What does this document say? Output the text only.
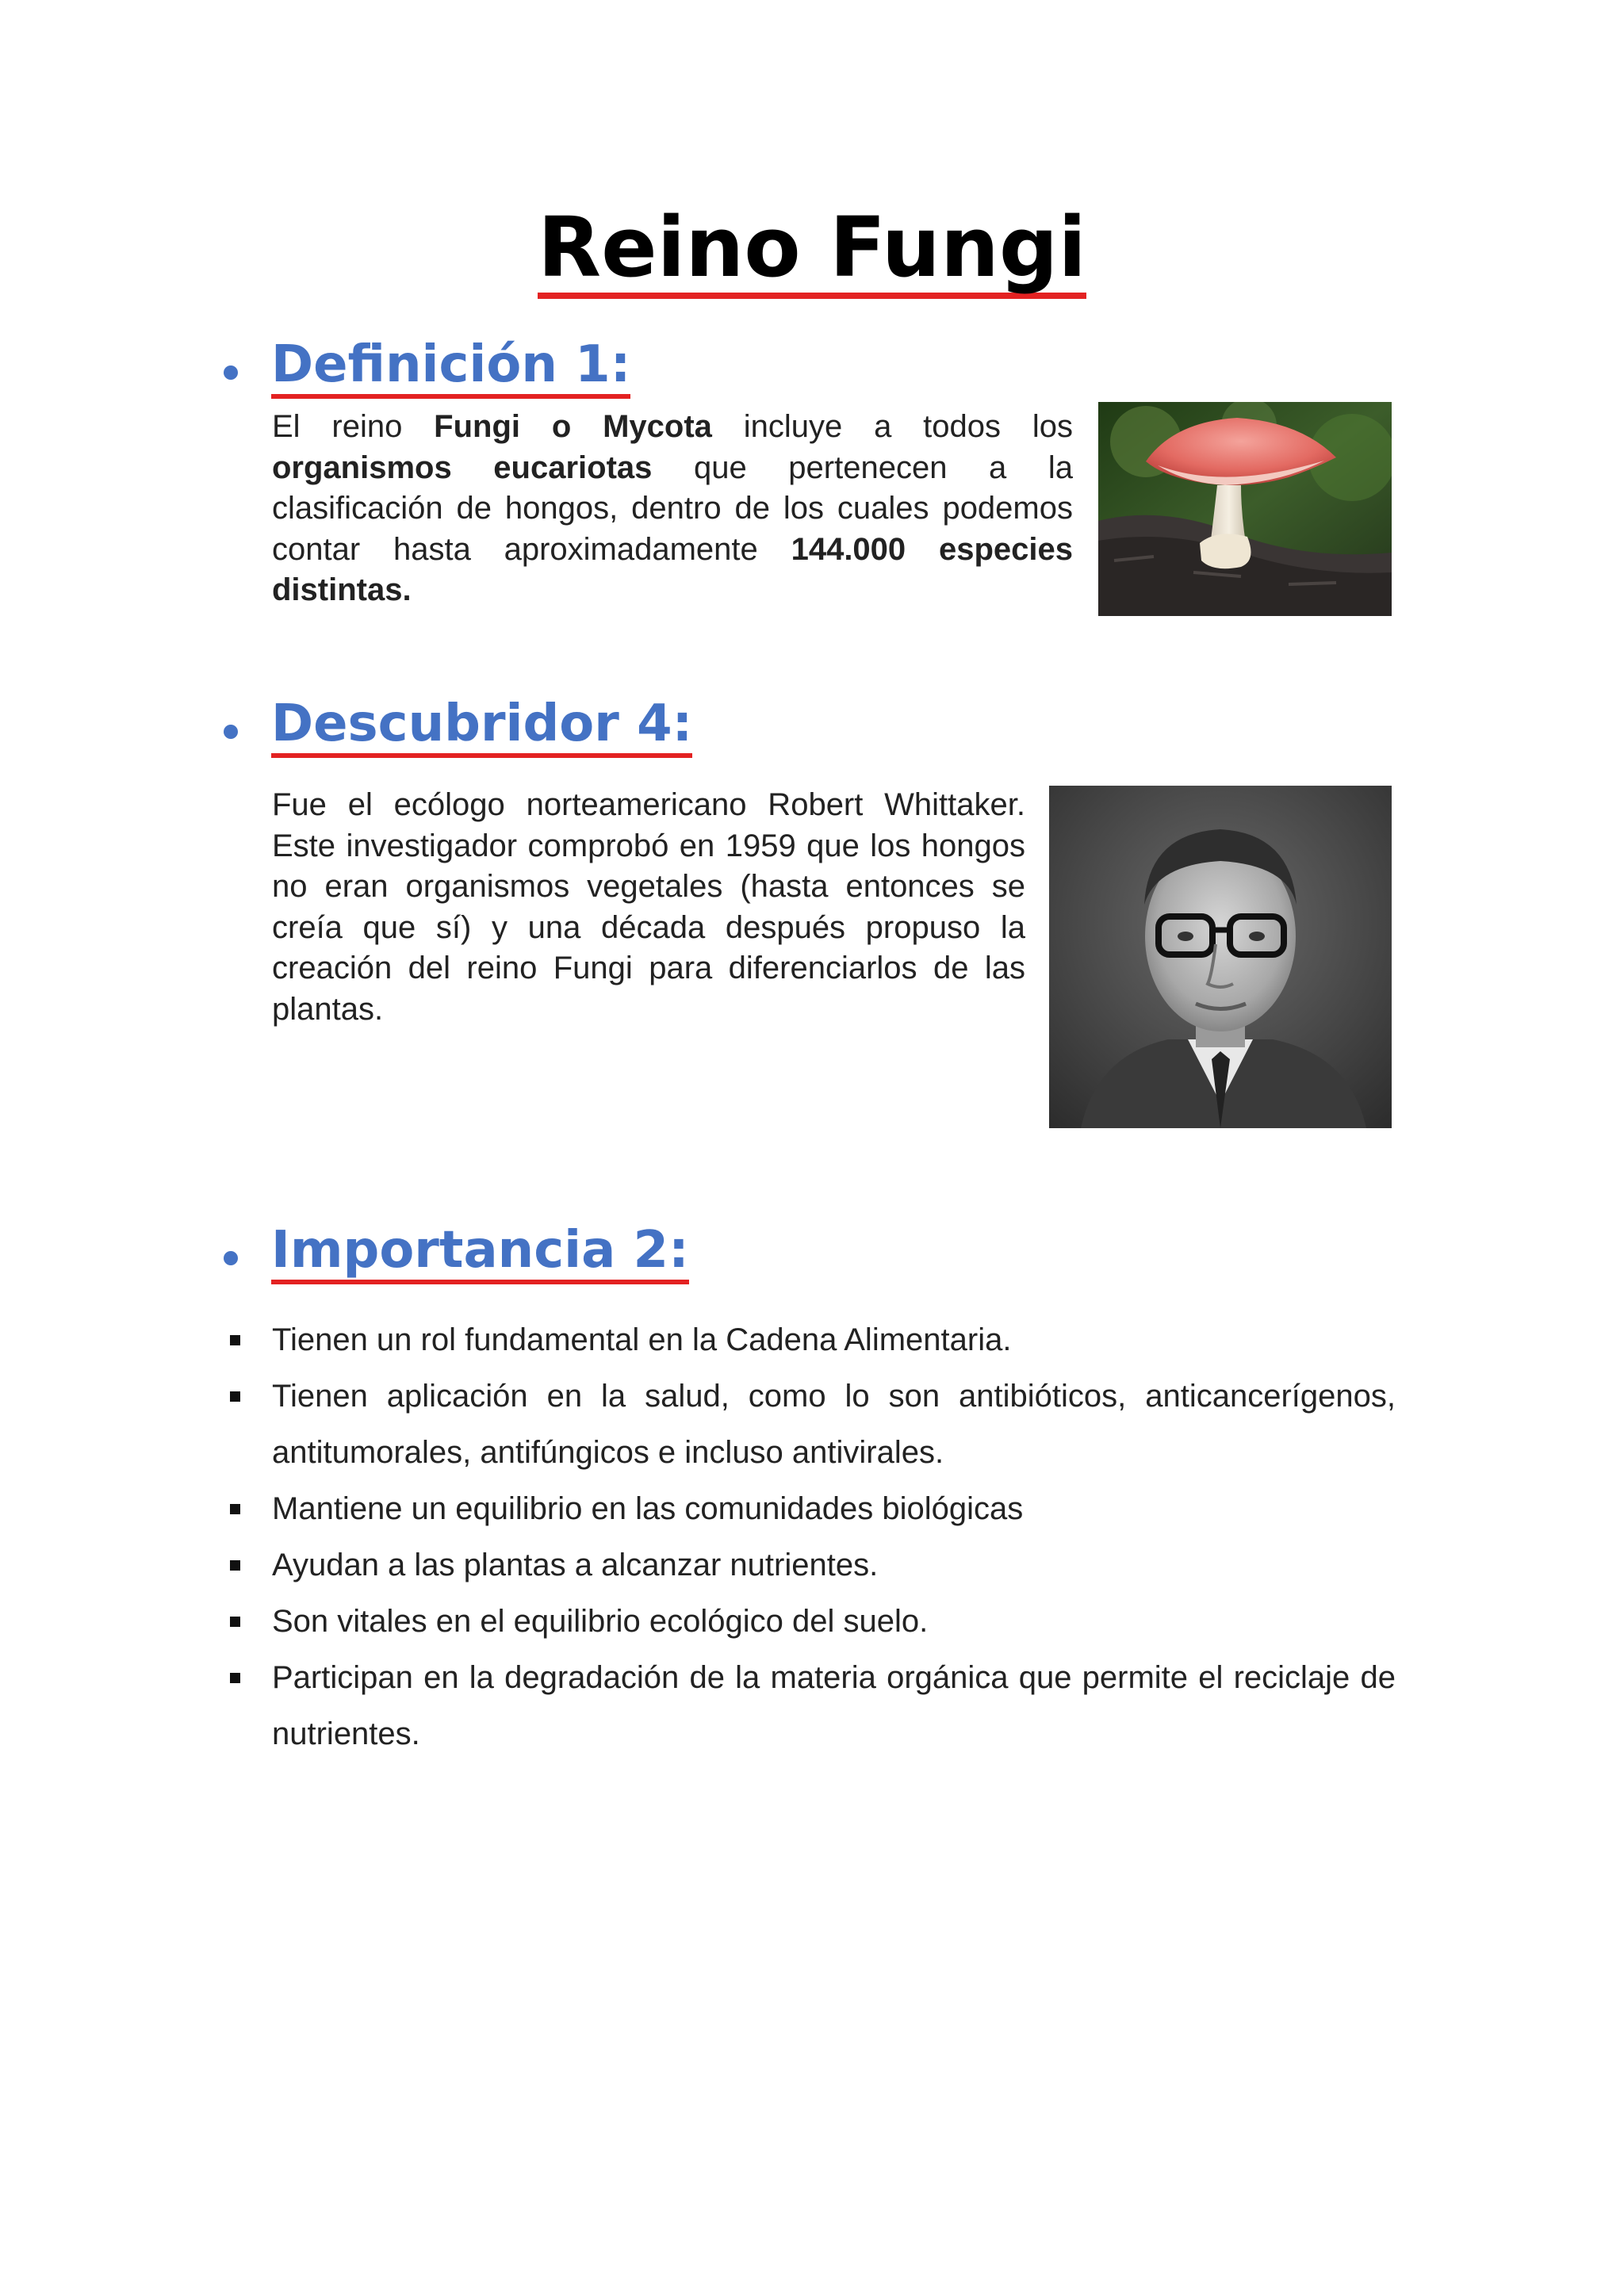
Reino Fungi
Definición 1:

El reino Fungi o Mycota incluye a todos los organismos eucariotas que pertenecen a la clasificación de hongos, dentro de los cuales podemos contar hasta aproximadamente 144.000 especies distintas.

Descubridor 4:

Fue el ecólogo norteamericano Robert Whittaker. Este investigador comprobó en 1959 que los hongos no eran organismos vegetales (hasta entonces se creía que sí) y una década después propuso la creación del reino Fungi para diferenciarlos de las plantas.

Importancia 2:
Tienen un rol fundamental en la Cadena Alimentaria.
Tienen aplicación en la salud, como lo son antibióticos, anticancerígenos, antitumorales, antifúngicos e incluso antivirales.
Mantiene un equilibrio en las comunidades biológicas
Ayudan a las plantas a alcanzar nutrientes.
Son vitales en el equilibrio ecológico del suelo.
Participan en la degradación de la materia orgánica que permite el reciclaje de nutrientes.
